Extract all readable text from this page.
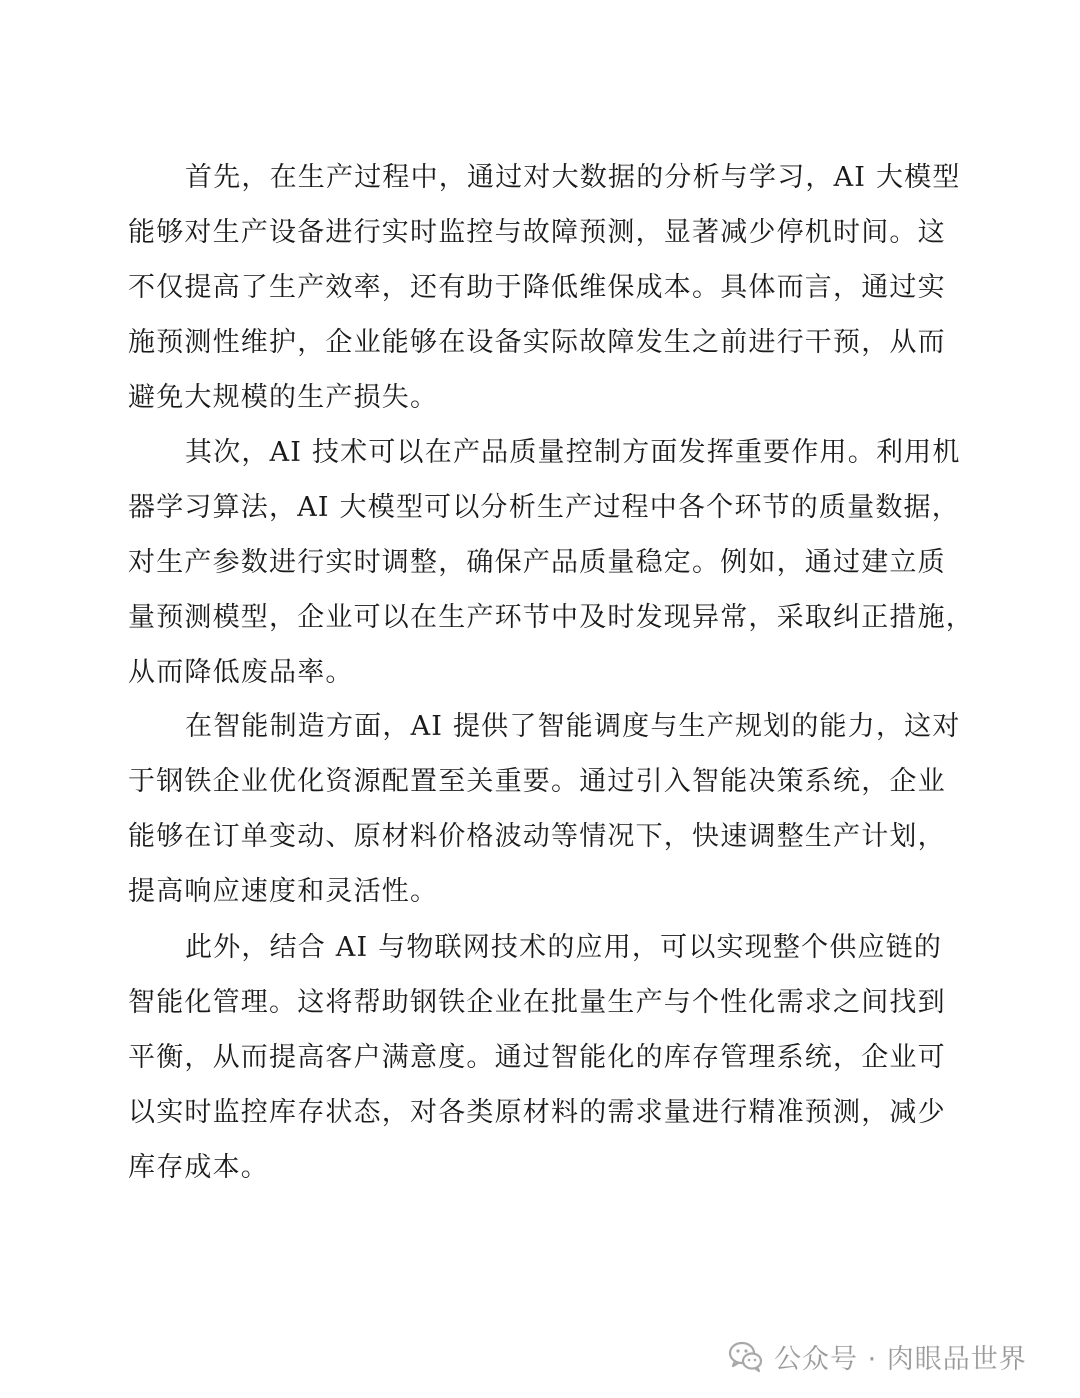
首先，在生产过程中，通过对大数据的分析与学习，AI 大模型
能够对生产设备进行实时监控与故障预测，显著减少停机时间。这
不仅提高了生产效率，还有助于降低维保成本。具体而言，通过实
施预测性维护，企业能够在设备实际故障发生之前进行干预，从而
避免大规模的生产损失。
其次，AI 技术可以在产品质量控制方面发挥重要作用。利用机
器学习算法，AI 大模型可以分析生产过程中各个环节的质量数据，
对生产参数进行实时调整，确保产品质量稳定。例如，通过建立质
量预测模型，企业可以在生产环节中及时发现异常，采取纠正措施，
从而降低废品率。
在智能制造方面，AI 提供了智能调度与生产规划的能力，这对
于钢铁企业优化资源配置至关重要。通过引入智能决策系统，企业
能够在订单变动、原材料价格波动等情况下，快速调整生产计划，
提高响应速度和灵活性。
此外，结合 AI 与物联网技术的应用，可以实现整个供应链的
智能化管理。这将帮助钢铁企业在批量生产与个性化需求之间找到
平衡，从而提高客户满意度。通过智能化的库存管理系统，企业可
以实时监控库存状态，对各类原材料的需求量进行精准预测，减少
库存成本。
公众号 · 肉眼品世界
